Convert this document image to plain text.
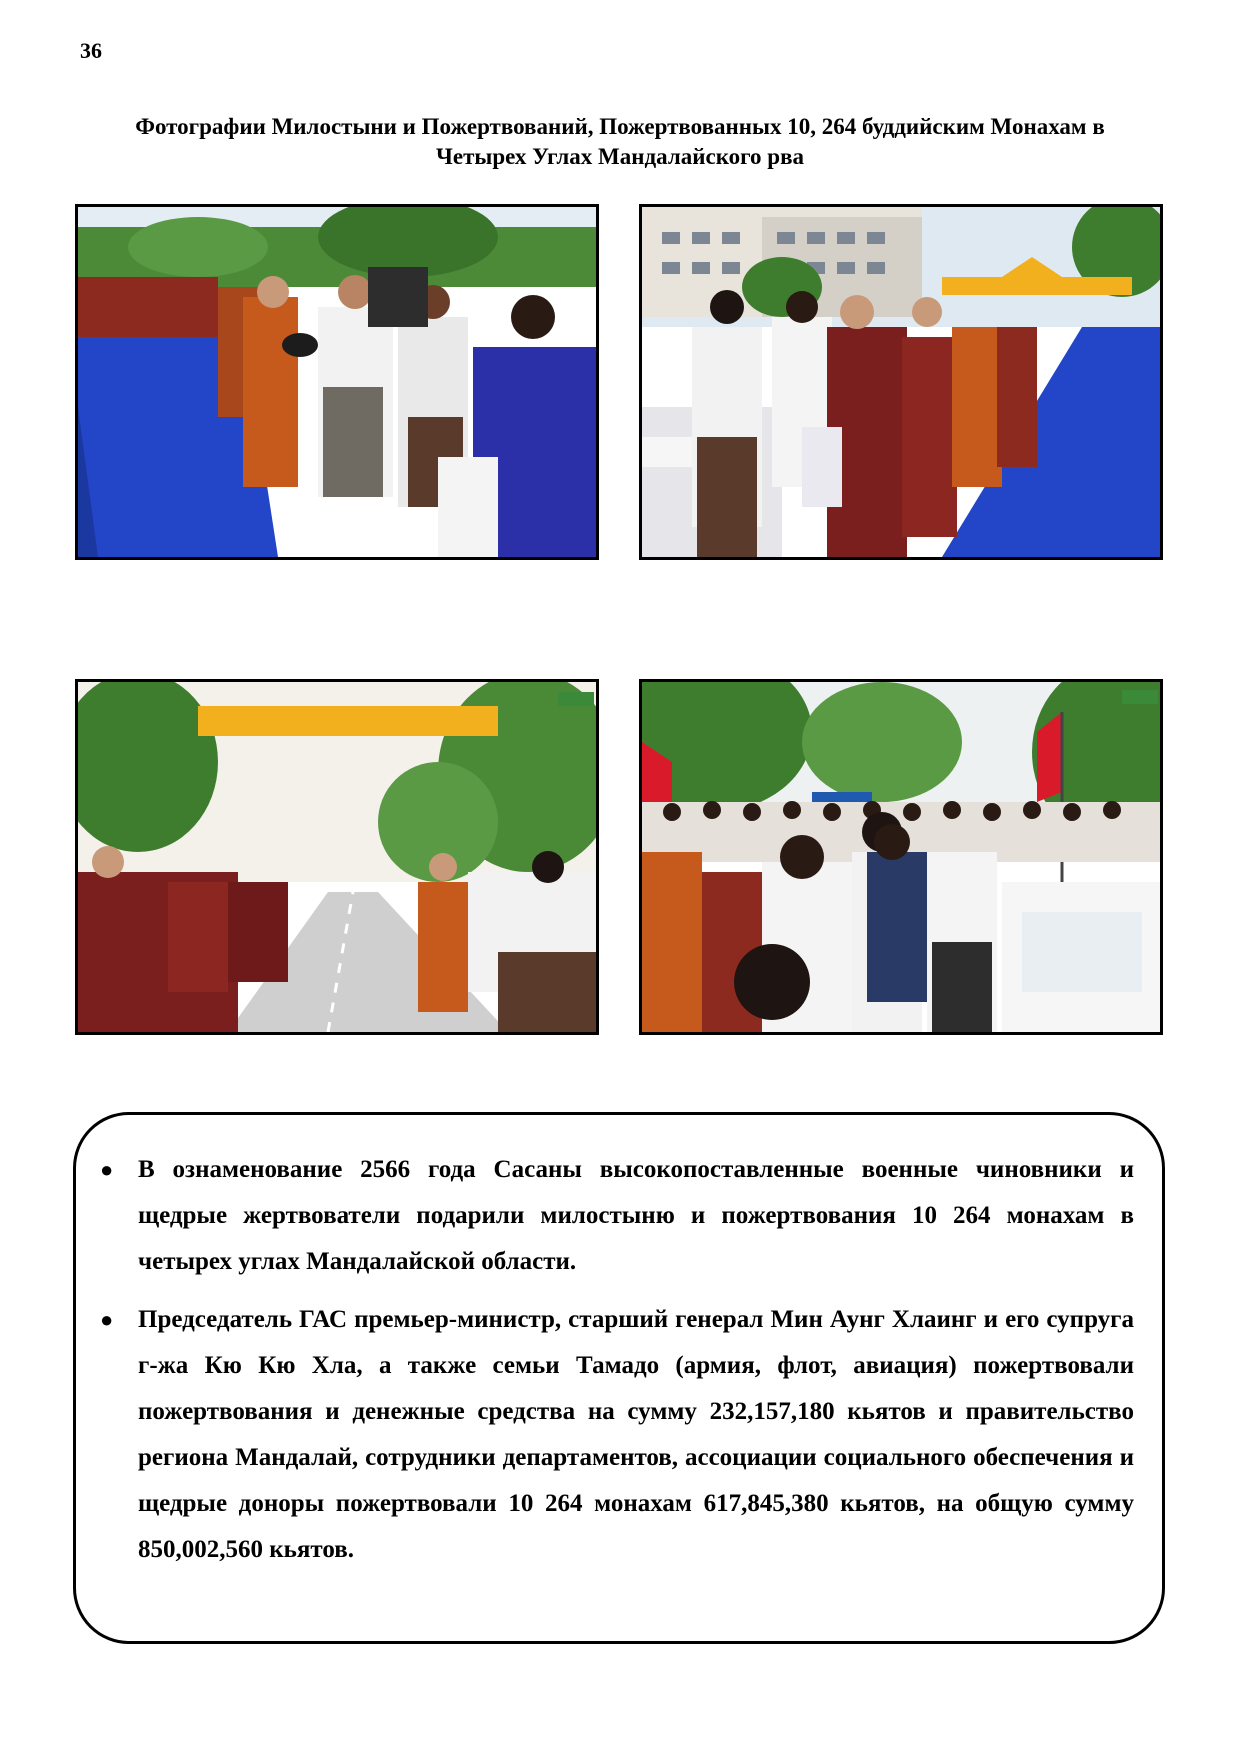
36
Фотографии Милостыни и Пожертвований, Пожертвованных 10, 264 буддийским Монахам в
Четырех Углах Мандалайского рва
● В ознаменование 2566 года Сасаны высокопоставленные военные чиновники и щедрые жертвователи подарили милостыню и пожертвования 10 264 монахам в четырех углах Мандалайской области.
● Председатель ГАС премьер-министр, старший генерал Мин Аунг Хлаинг и его супруга г-жа Кю Кю Хла, а также семьи Тамадо (армия, флот, авиация) пожертвовали пожертвования и денежные средства на сумму 232,157,180 кьятов и правительство региона Мандалай, сотрудники департаментов, ассоциации социального обеспечения и щедрые доноры пожертвовали 10 264 монахам 617,845,380 кьятов, на общую сумму 850,002,560 кьятов.
